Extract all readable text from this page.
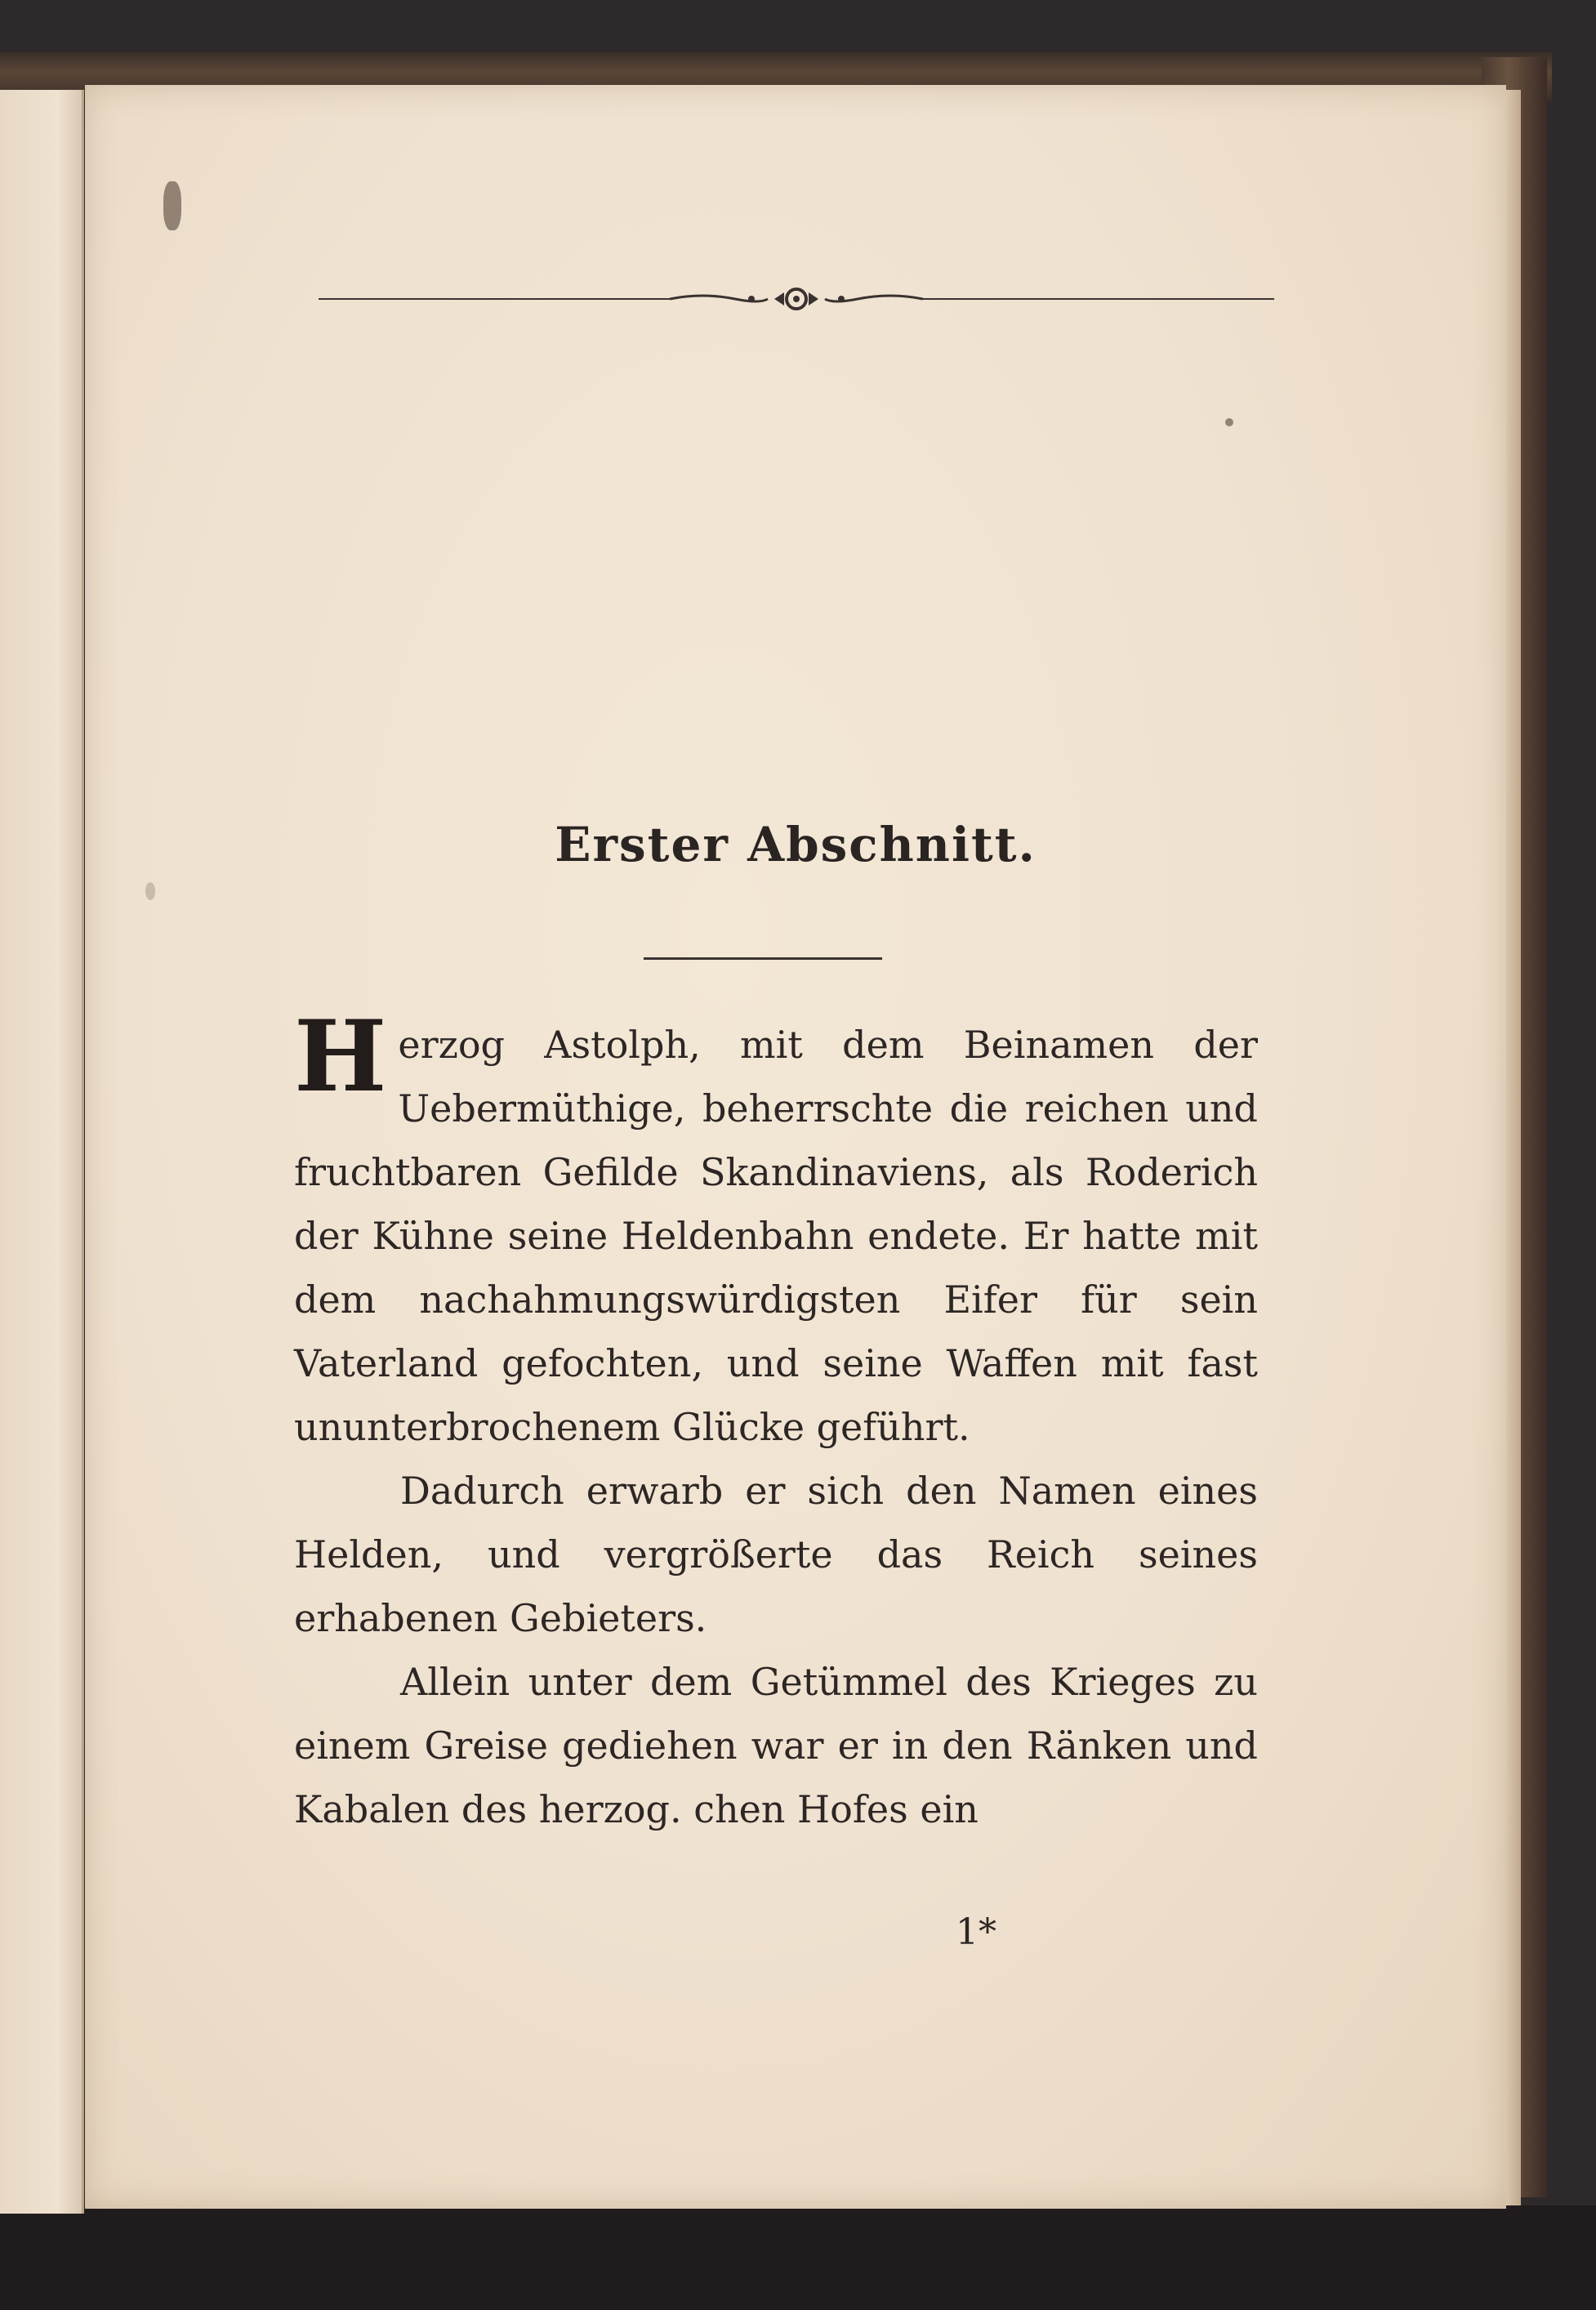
Erster Abschnitt.

H erzog Astolph, mit dem Beinamen der Uebermüthige, beherrschte die reichen und fruchtbaren Gefilde Skandinaviens, als Roderich der Kühne seine Heldenbahn endete. Er hatte mit dem nachahmungswürdigsten Eifer für sein Vaterland gefochten, und seine Waffen mit fast ununterbrochenem Glücke geführt.

Dadurch erwarb er sich den Namen eines Helden, und vergrößerte das Reich seines erhabenen Gebieters.

Allein unter dem Getümmel des Krieges zu einem Greise gediehen war er in den Ränken und Kabalen des herzog. chen Hofes ein

1*
